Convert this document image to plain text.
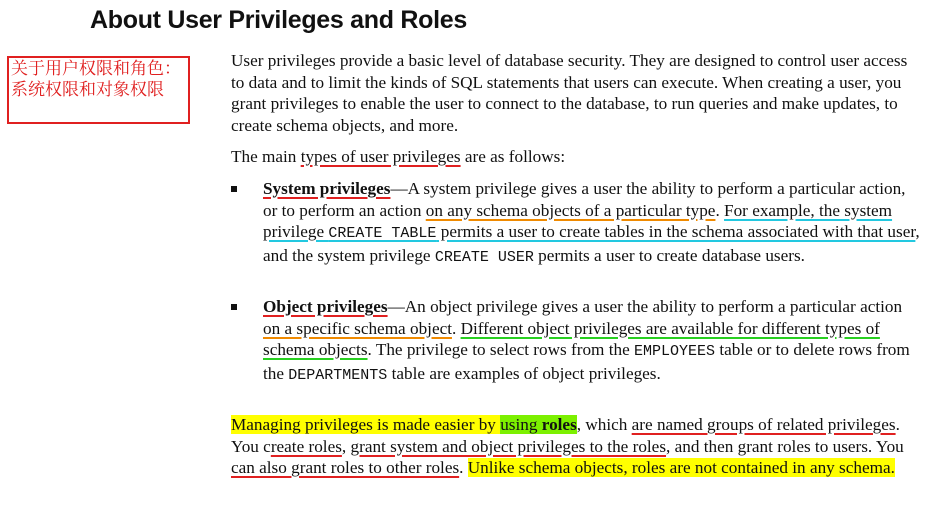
About User Privileges and Roles
关于用户权限和角色：系统权限和对象权限
User privileges provide a basic level of database security. They are designed to control user access to data and to limit the kinds of SQL statements that users can execute. When creating a user, you grant privileges to enable the user to connect to the database, to run queries and make updates, to create schema objects, and more.
The main types of user privileges are as follows:
System privileges—A system privilege gives a user the ability to perform a particular action, or to perform an action on any schema objects of a particular type. For example, the system privilege CREATE TABLE permits a user to create tables in the schema associated with that user, and the system privilege CREATE USER permits a user to create database users.
Object privileges—An object privilege gives a user the ability to perform a particular action on a specific schema object. Different object privileges are available for different types of schema objects. The privilege to select rows from the EMPLOYEES table or to delete rows from the DEPARTMENTS table are examples of object privileges.
Managing privileges is made easier by using roles, which are named groups of related privileges. You create roles, grant system and object privileges to the roles, and then grant roles to users. You can also grant roles to other roles. Unlike schema objects, roles are not contained in any schema.
